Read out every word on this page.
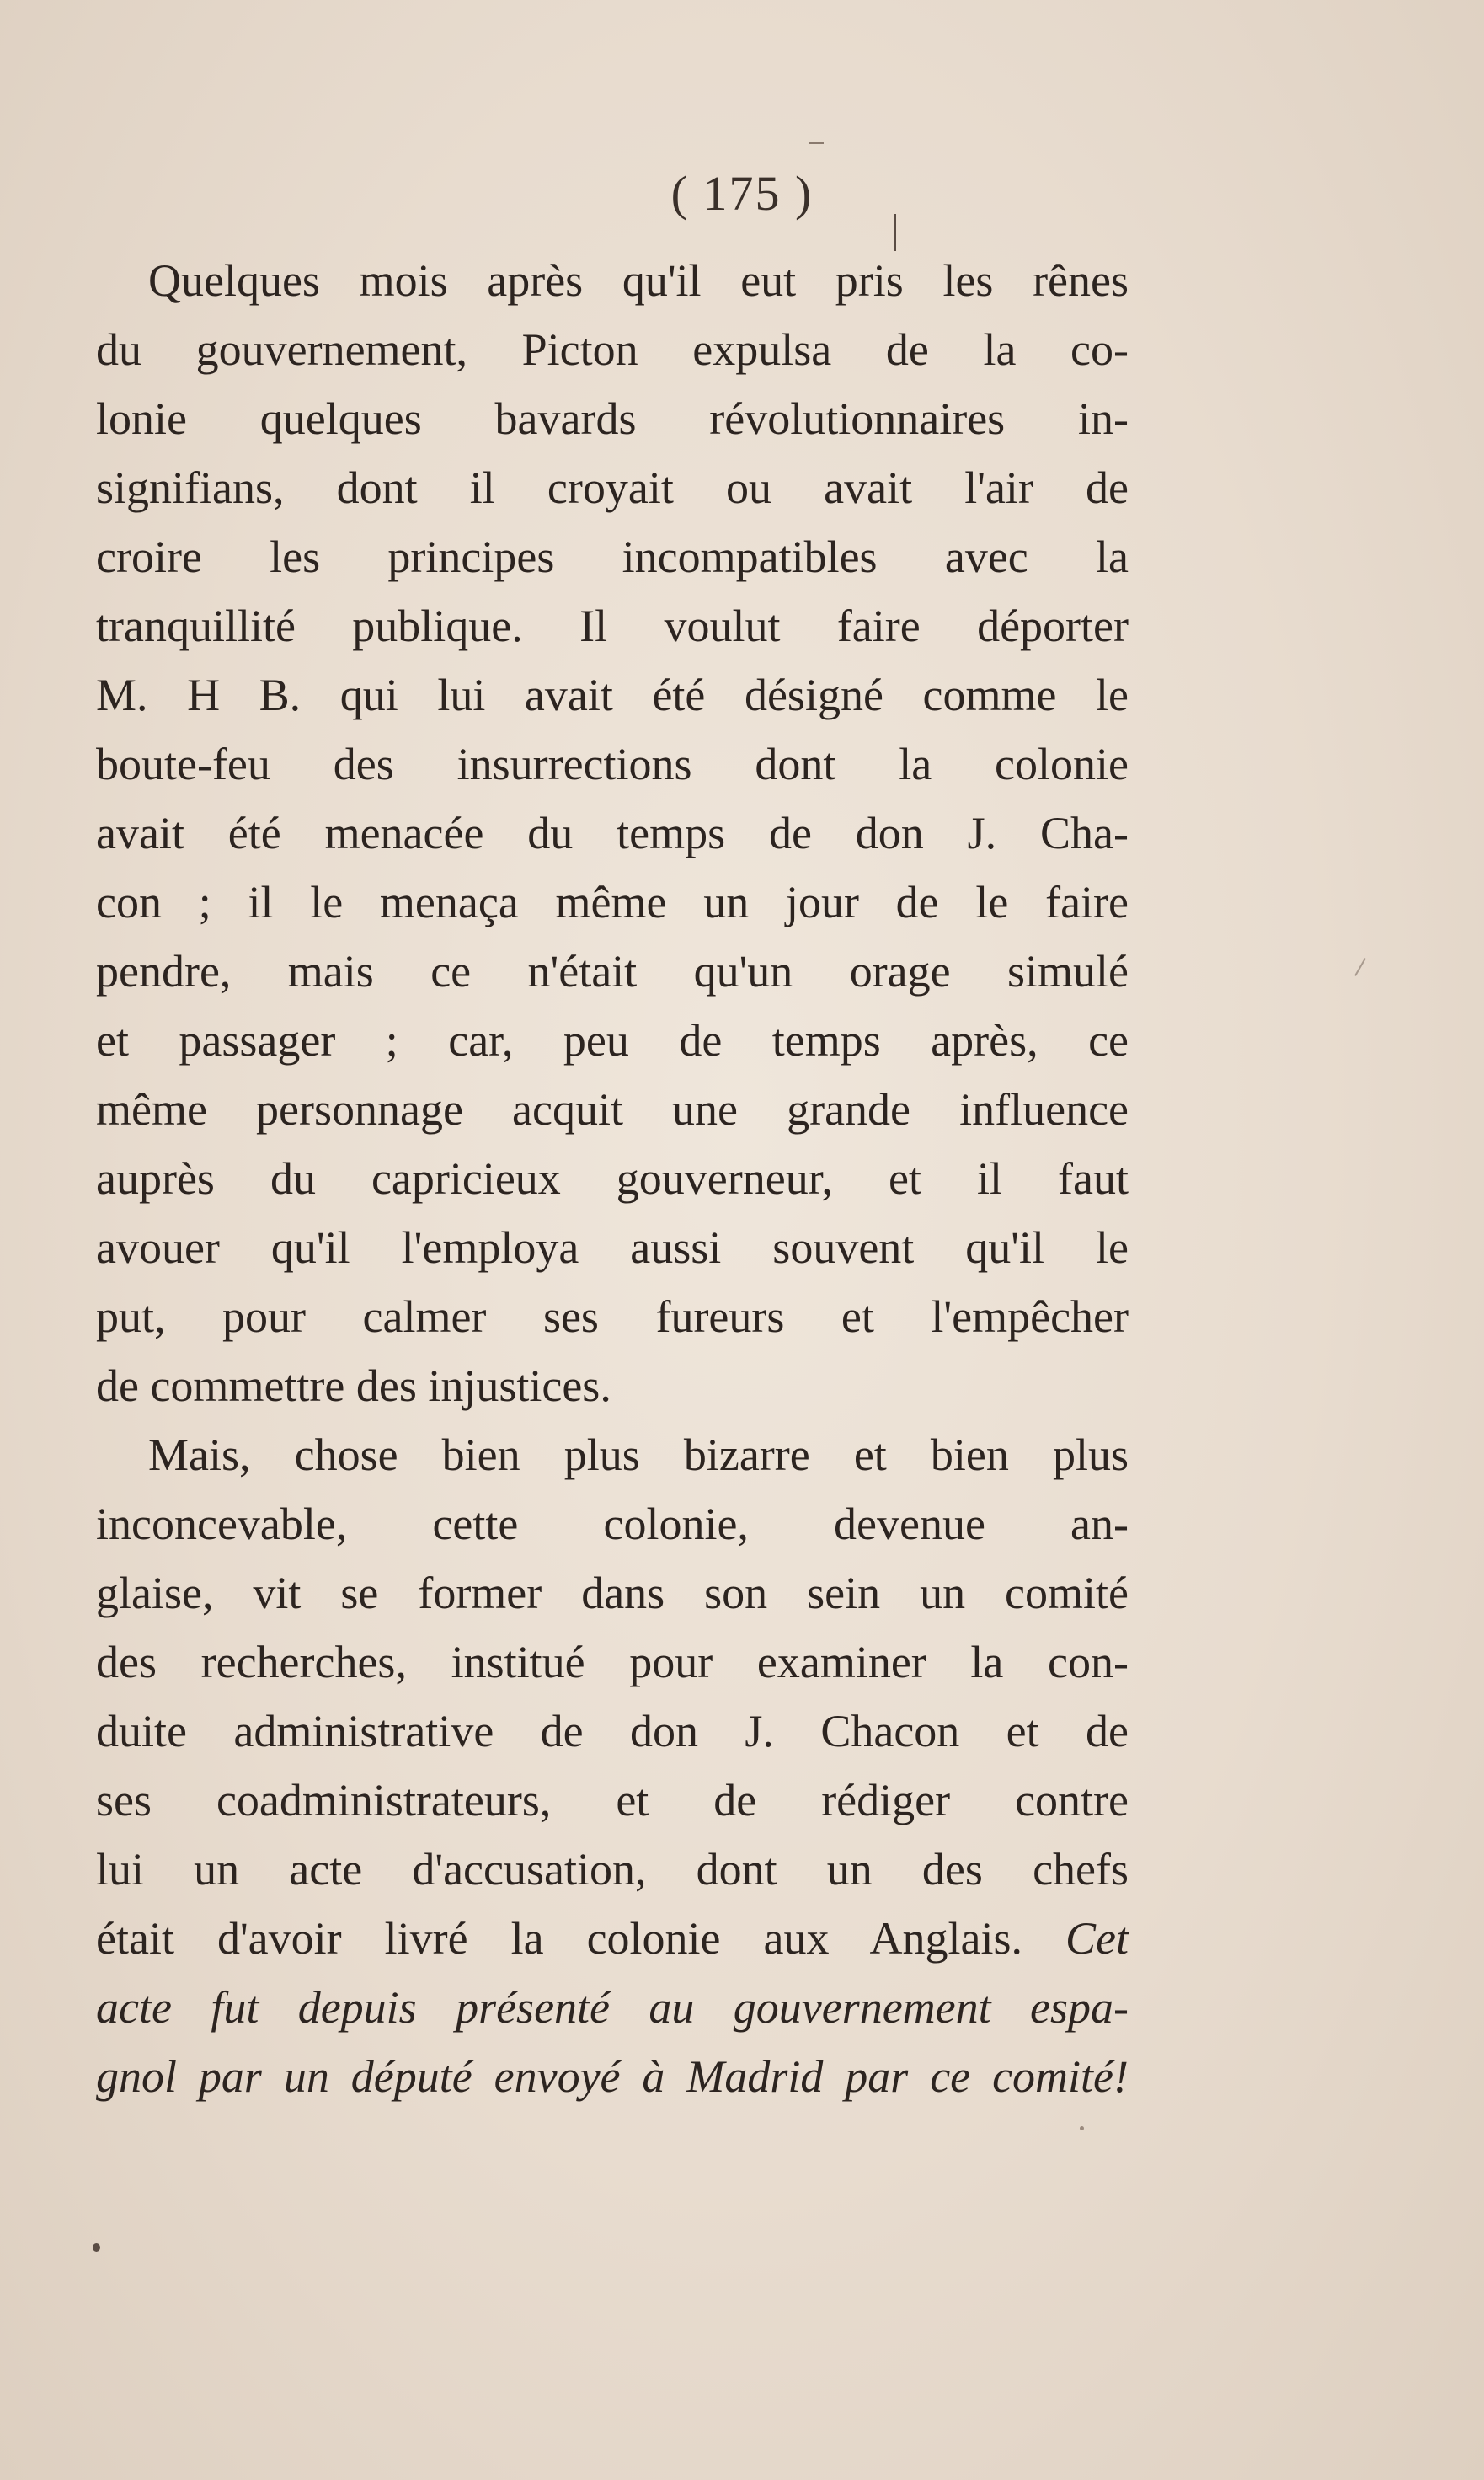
( 175 )
Quelques mois après qu'il eut pris les rênes
du gouvernement, Picton expulsa de la co-
lonie quelques bavards révolutionnaires in-
signifians, dont il croyait ou avait l'air de
croire les principes incompatibles avec la
tranquillité publique. Il voulut faire déporter
M. H B. qui lui avait été désigné comme le
boute-feu des insurrections dont la colonie
avait été menacée du temps de don J. Cha-
con ; il le menaça même un jour de le faire
pendre, mais ce n'était qu'un orage simulé
et passager ; car, peu de temps après, ce
même personnage acquit une grande influence
auprès du capricieux gouverneur, et il faut
avouer qu'il l'employa aussi souvent qu'il le
put, pour calmer ses fureurs et l'empêcher
de commettre des injustices.
Mais, chose bien plus bizarre et bien plus
inconcevable, cette colonie, devenue an-
glaise, vit se former dans son sein un comité
des recherches, institué pour examiner la con-
duite administrative de don J. Chacon et de
ses coadministrateurs, et de rédiger contre
lui un acte d'accusation, dont un des chefs
était d'avoir livré la colonie aux Anglais. Cet
acte fut depuis présenté au gouvernement espa-
gnol par un député envoyé à Madrid par ce comité!
